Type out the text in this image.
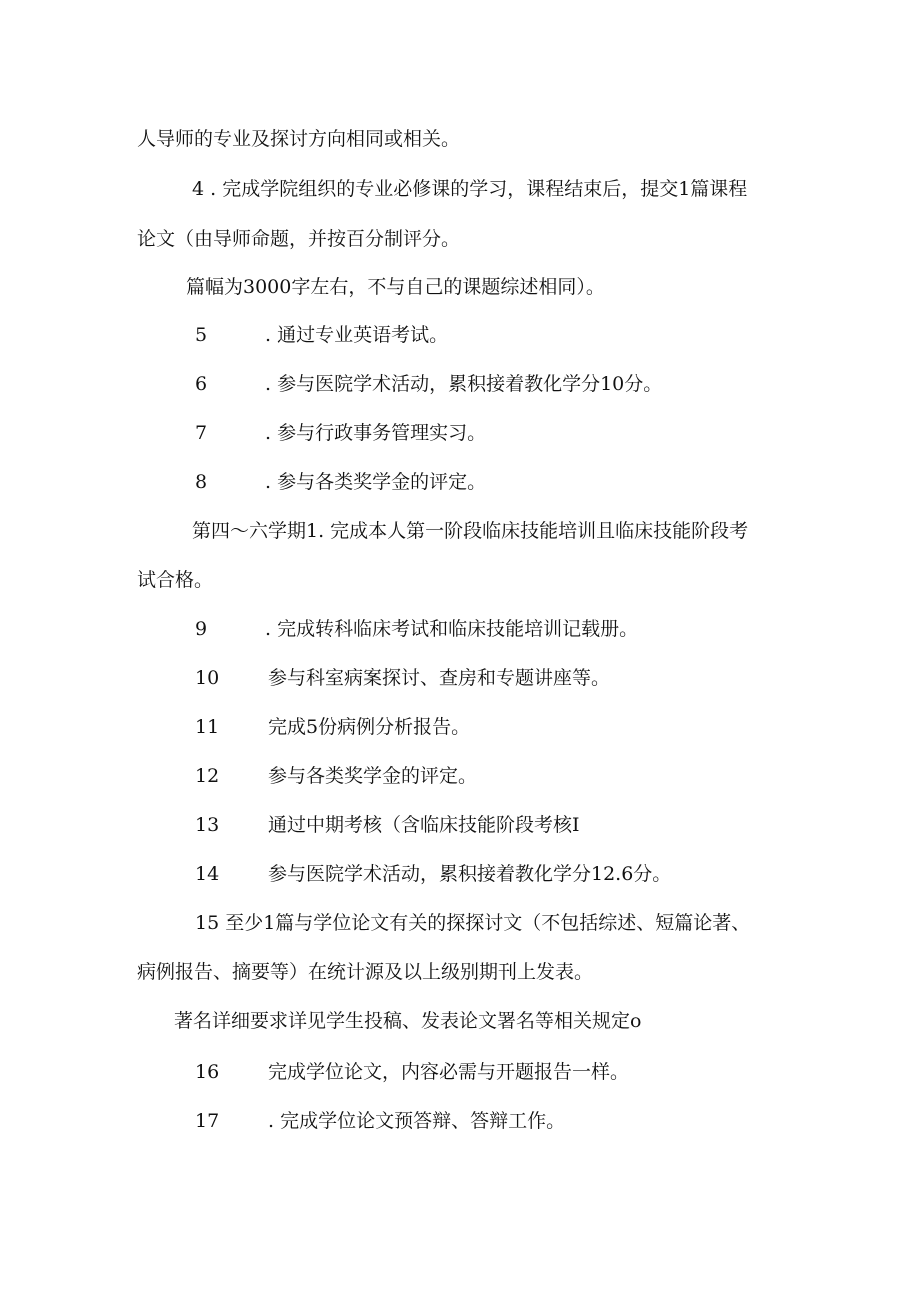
人导师的专业及探讨方向相同或相关。
4 . 完成学院组织的专业必修课的学习，课程结束后，提交1篇课程
论文（由导师命题，并按百分制评分。
篇幅为3000字左右，不与自己的课题综述相同）。
5	. 通过专业英语考试。
6	. 参与医院学术活动，累积接着教化学分10分。
7	. 参与行政事务管理实习。
8	. 参与各类奖学金的评定。
第四～六学期1. 完成本人第一阶段临床技能培训且临床技能阶段考
试合格。
9	. 完成转科临床考试和临床技能培训记载册。
10	参与科室病案探讨、查房和专题讲座等。
11	完成5份病例分析报告。
12	参与各类奖学金的评定。
13	通过中期考核（含临床技能阶段考核I
14	参与医院学术活动，累积接着教化学分12.6分。
15 至少1篇与学位论文有关的探探讨文（不包括综述、短篇论著、
病例报告、摘要等）在统计源及以上级别期刊上发表。
著名详细要求详见学生投稿、发表论文署名等相关规定o
16	完成学位论文，内容必需与开题报告一样。
17	. 完成学位论文预答辩、答辩工作。
